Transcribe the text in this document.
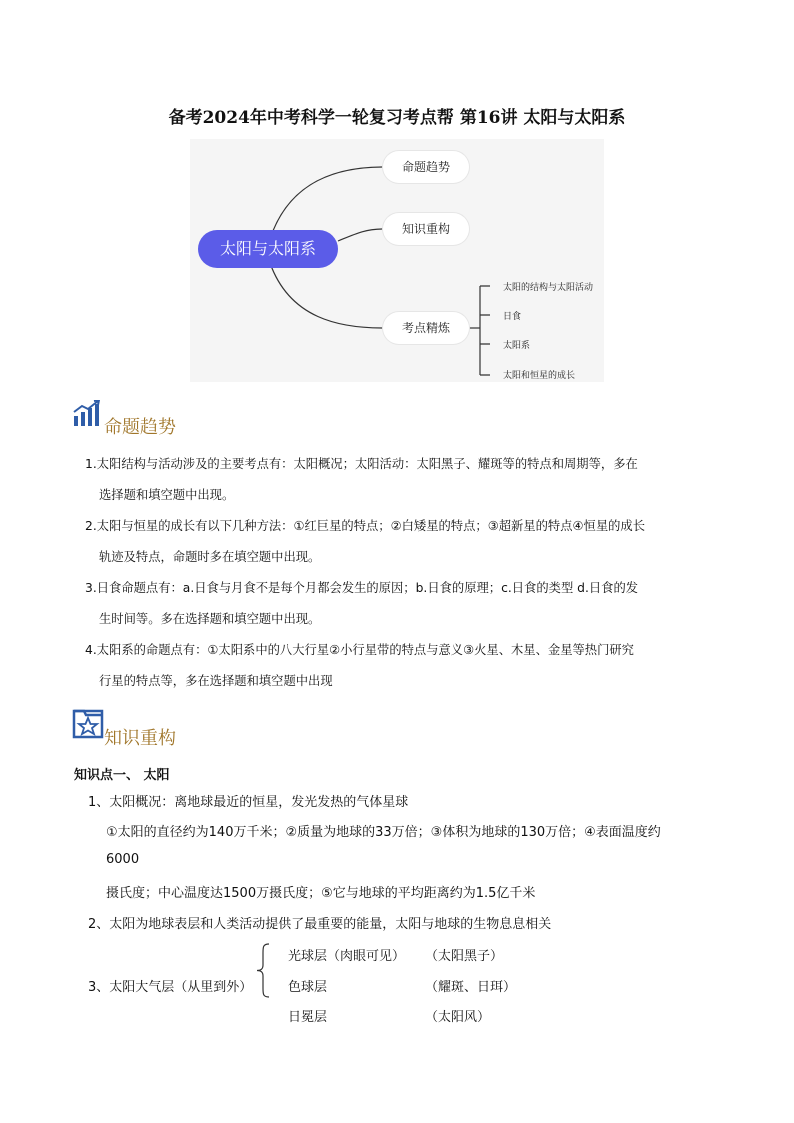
备考2024年中考科学一轮复习考点帮 第16讲 太阳与太阳系
太阳与太阳系
命题趋势
知识重构
考点精炼
太阳的结构与太阳活动
日食
太阳系
太阳和恒星的成长
命题趋势
1.太阳结构与活动涉及的主要考点有：太阳概况；太阳活动：太阳黑子、耀斑等的特点和周期等，多在
选择题和填空题中出现。
2.太阳与恒星的成长有以下几种方法：①红巨星的特点；②白矮星的特点；③超新星的特点④恒星的成长
轨迹及特点，命题时多在填空题中出现。
3.日食命题点有：a.日食与月食不是每个月都会发生的原因；b.日食的原理；c.日食的类型 d.日食的发
生时间等。多在选择题和填空题中出现。
4.太阳系的命题点有：①太阳系中的八大行星②小行星带的特点与意义③火星、木星、金星等热门研究
行星的特点等，多在选择题和填空题中出现
知识重构
知识点一、 太阳
1、太阳概况：离地球最近的恒星，发光发热的气体星球
①太阳的直径约为140万千米；②质量为地球的33万倍；③体积为地球的130万倍；④表面温度约
6000
摄氏度；中心温度达1500万摄氏度；⑤它与地球的平均距离约为1.5亿千米
2、太阳为地球表层和人类活动提供了最重要的能量，太阳与地球的生物息息相关
3、太阳大气层（从里到外）
光球层（肉眼可见） （太阳黑子）
色球层	（耀斑、日珥）
日冕层	（太阳风）
